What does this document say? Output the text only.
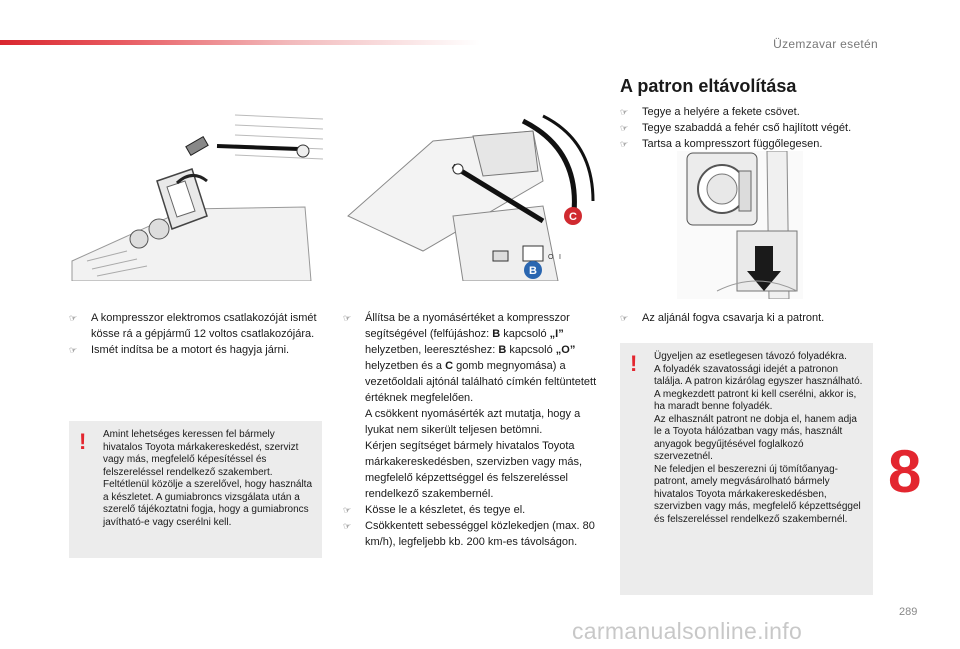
Üzemzavar esetén
C
B
O I

☞ A kompresszor elektromos csatlakozóját ismét kösse rá a gépjármű 12 voltos csatlakozójára.

☞ Ismét indítsa be a motort és hagyja járni.

! Amint lehetséges keressen fel bármely hivatalos Toyota márkakereskedést, szervizt vagy más, megfelelő képesítéssel és felszereléssel rendelkező szakembert. Feltétlenül közölje a szerelővel, hogy használta a készletet. A gumiabroncs vizsgálata után a szerelő tájékoztatni fogja, hogy a gumiabroncs javítható-e vagy cserélni kell.

☞ Állítsa be a nyomásértéket a kompresszor segítségével (felfújáshoz: B kapcsoló „I” helyzetben, leeresztéshez: B kapcsoló „O” helyzetben és a C gomb megnyomása) a vezetőoldali ajtónál található címkén feltüntetett értéknek megfelelően.
A csökkent nyomásérték azt mutatja, hogy a lyukat nem sikerült teljesen betömni.
Kérjen segítséget bármely hivatalos Toyota márkakereskedésben, szervizben vagy más, megfelelő képzettséggel és felszereléssel rendelkező szakembernél.

☞ Kösse le a készletet, és tegye el.

☞ Csökkentett sebességgel közlekedjen (max. 80 km/h), legfeljebb kb. 200 km-es távolságon.

A patron eltávolítása

☞ Tegye a helyére a fekete csövet.

☞ Tegye szabaddá a fehér cső hajlított végét.

☞ Tartsa a kompresszort függőlegesen.

☞ Az aljánál fogva csavarja ki a patront.

! Ügyeljen az esetlegesen távozó folyadékra.
A folyadék szavatossági idejét a patronon találja. A patron kizárólag egyszer használható.
A megkezdett patront ki kell cserélni, akkor is, ha maradt benne folyadék.
Az elhasznált patront ne dobja el, hanem adja le a Toyota hálózatban vagy más, használt anyagok begyűjtésével foglalkozó szervezetnél.
Ne feledjen el beszerezni új tömítőanyag-patront, amely megvásárolható bármely hivatalos Toyota márkakereskedésben, szervizben vagy más, megfelelő képzettséggel és felszereléssel rendelkező szakembernél.
8
289
carmanualsonline.info
